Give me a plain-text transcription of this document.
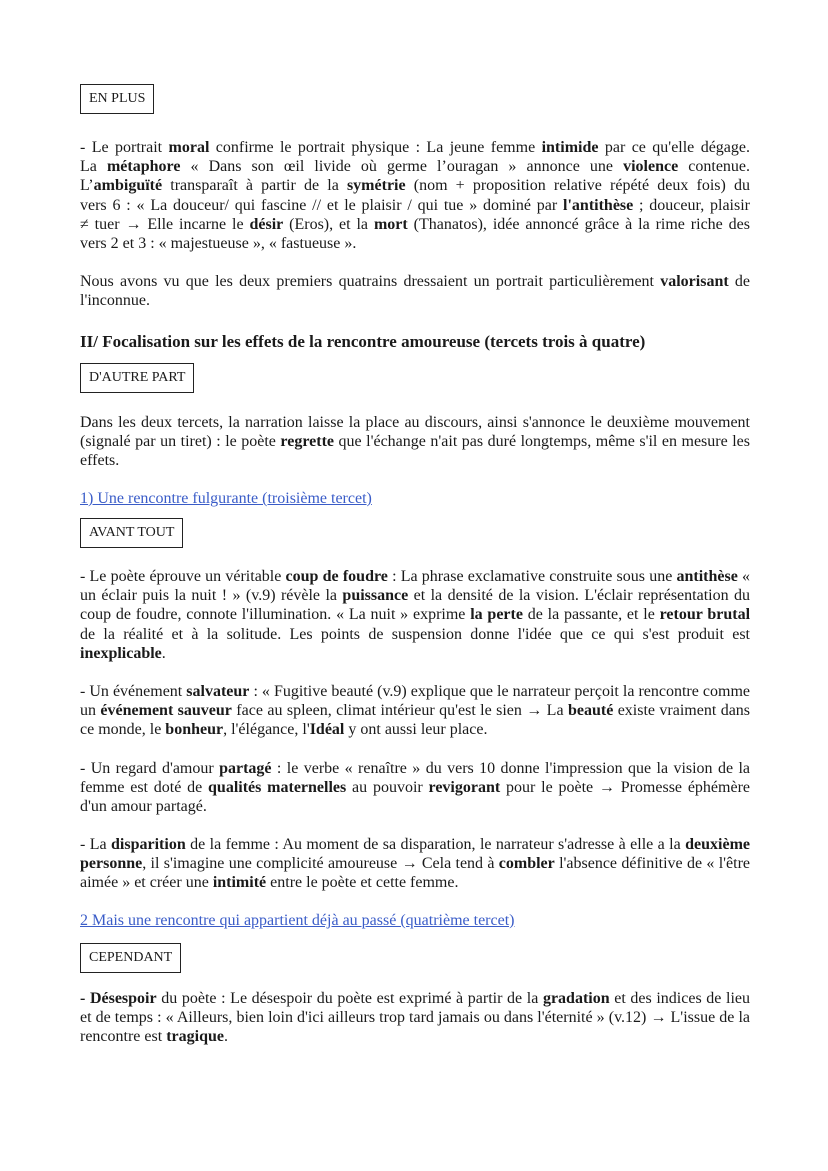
EN PLUS
- Le portrait moral confirme le portrait physique : La jeune femme intimide par ce qu'elle dégage.
La métaphore « Dans son œil livide où germe l’ouragan » annonce une violence contenue.
L’ambiguïté transparaît à partir de la symétrie (nom + proposition relative répété deux fois) du
vers 6 : « La douceur/ qui fascine // et le plaisir / qui tue » dominé par l'antithèse ; douceur, plaisir
≠ tuer → Elle incarne le désir (Eros), et la mort (Thanatos), idée annoncé grâce à la rime riche des
vers 2 et 3 : « majestueuse », « fastueuse ».

Nous avons vu que les deux premiers quatrains dressaient un portrait particulièrement valorisant de l'inconnue.

II/ Focalisation sur les effets de la rencontre amoureuse (tercets trois à quatre)
D'AUTRE PART

Dans les deux tercets, la narration laisse la place au discours, ainsi s'annonce le deuxième mouvement (signalé par un tiret) : le poète regrette que l'échange n'ait pas duré longtemps, même s'il en mesure les effets.

1) Une rencontre fulgurante (troisième tercet)
AVANT TOUT

- Le poète éprouve un véritable coup de foudre : La phrase exclamative construite sous une antithèse « un éclair puis la nuit ! » (v.9) révèle la puissance et la densité de la vision. L'éclair représentation du coup de foudre, connote l'illumination. « La nuit » exprime la perte de la passante, et le retour brutal de la réalité et à la solitude. Les points de suspension donne l'idée que ce qui s'est produit est inexplicable.

- Un événement salvateur : « Fugitive beauté (v.9) explique que le narrateur perçoit la rencontre comme un événement sauveur face au spleen, climat intérieur qu'est le sien → La beauté existe vraiment dans ce monde, le bonheur, l'élégance, l'Idéal y ont aussi leur place.

- Un regard d'amour partagé : le verbe « renaître » du vers 10 donne l'impression que la vision de la femme est doté de qualités maternelles au pouvoir revigorant pour le poète → Promesse éphémère d'un amour partagé.

- La disparition de la femme : Au moment de sa disparation, le narrateur s'adresse à elle a la deuxième personne, il s'imagine une complicité amoureuse → Cela tend à combler l'absence définitive de « l'être aimée » et créer une intimité entre le poète et cette femme.

2 Mais une rencontre qui appartient déjà au passé (quatrième tercet)
CEPENDANT

- Désespoir du poète : Le désespoir du poète est exprimé à partir de la gradation et des indices de lieu et de temps : « Ailleurs, bien loin d'ici ailleurs trop tard jamais ou dans l'éternité » (v.12) → L'issue de la rencontre est tragique.
